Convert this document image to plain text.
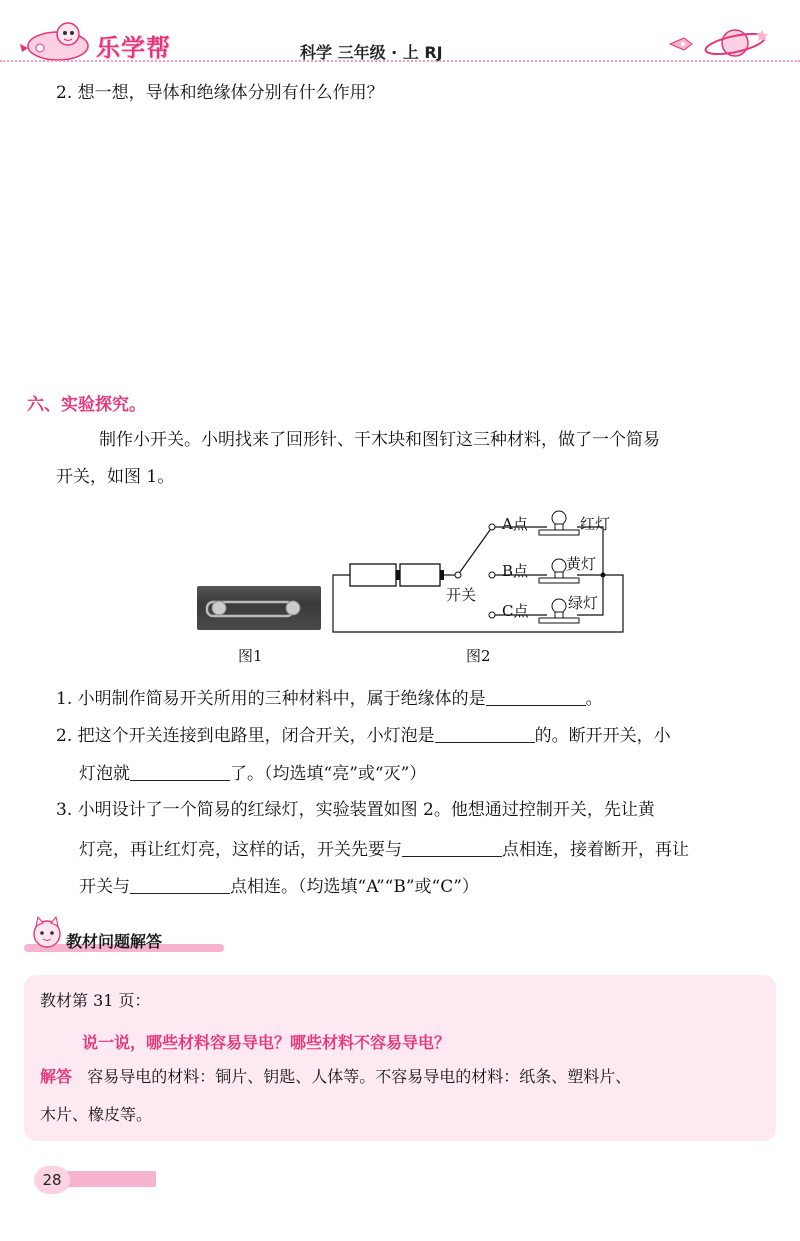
乐学帮	科学 三年级 · 上 RJ
2. 想一想，导体和绝缘体分别有什么作用？
六、实验探究。
制作小开关。小明找来了回形针、干木块和图钉这三种材料，做了一个简易
开关，如图 1。
图1
A点
B点
C点
红灯
黄灯
绿灯
开关
图2
1. 小明制作简易开关所用的三种材料中，属于绝缘体的是	。
2. 把这个开关连接到电路里，闭合开关，小灯泡是	的。断开开关，小
灯泡就	了。（均选填“亮”或“灭”）
3. 小明设计了一个简易的红绿灯，实验装置如图 2。他想通过控制开关，先让黄
灯亮，再让红灯亮，这样的话，开关先要与	点相连，接着断开，再让
开关与	点相连。（均选填“A”“B”或“C”）
教材问题解答
教材第 31 页：
说一说，哪些材料容易导电？哪些材料不容易导电？
解答 容易导电的材料：铜片、钥匙、人体等。不容易导电的材料：纸条、塑料片、
木片、橡皮等。
28
